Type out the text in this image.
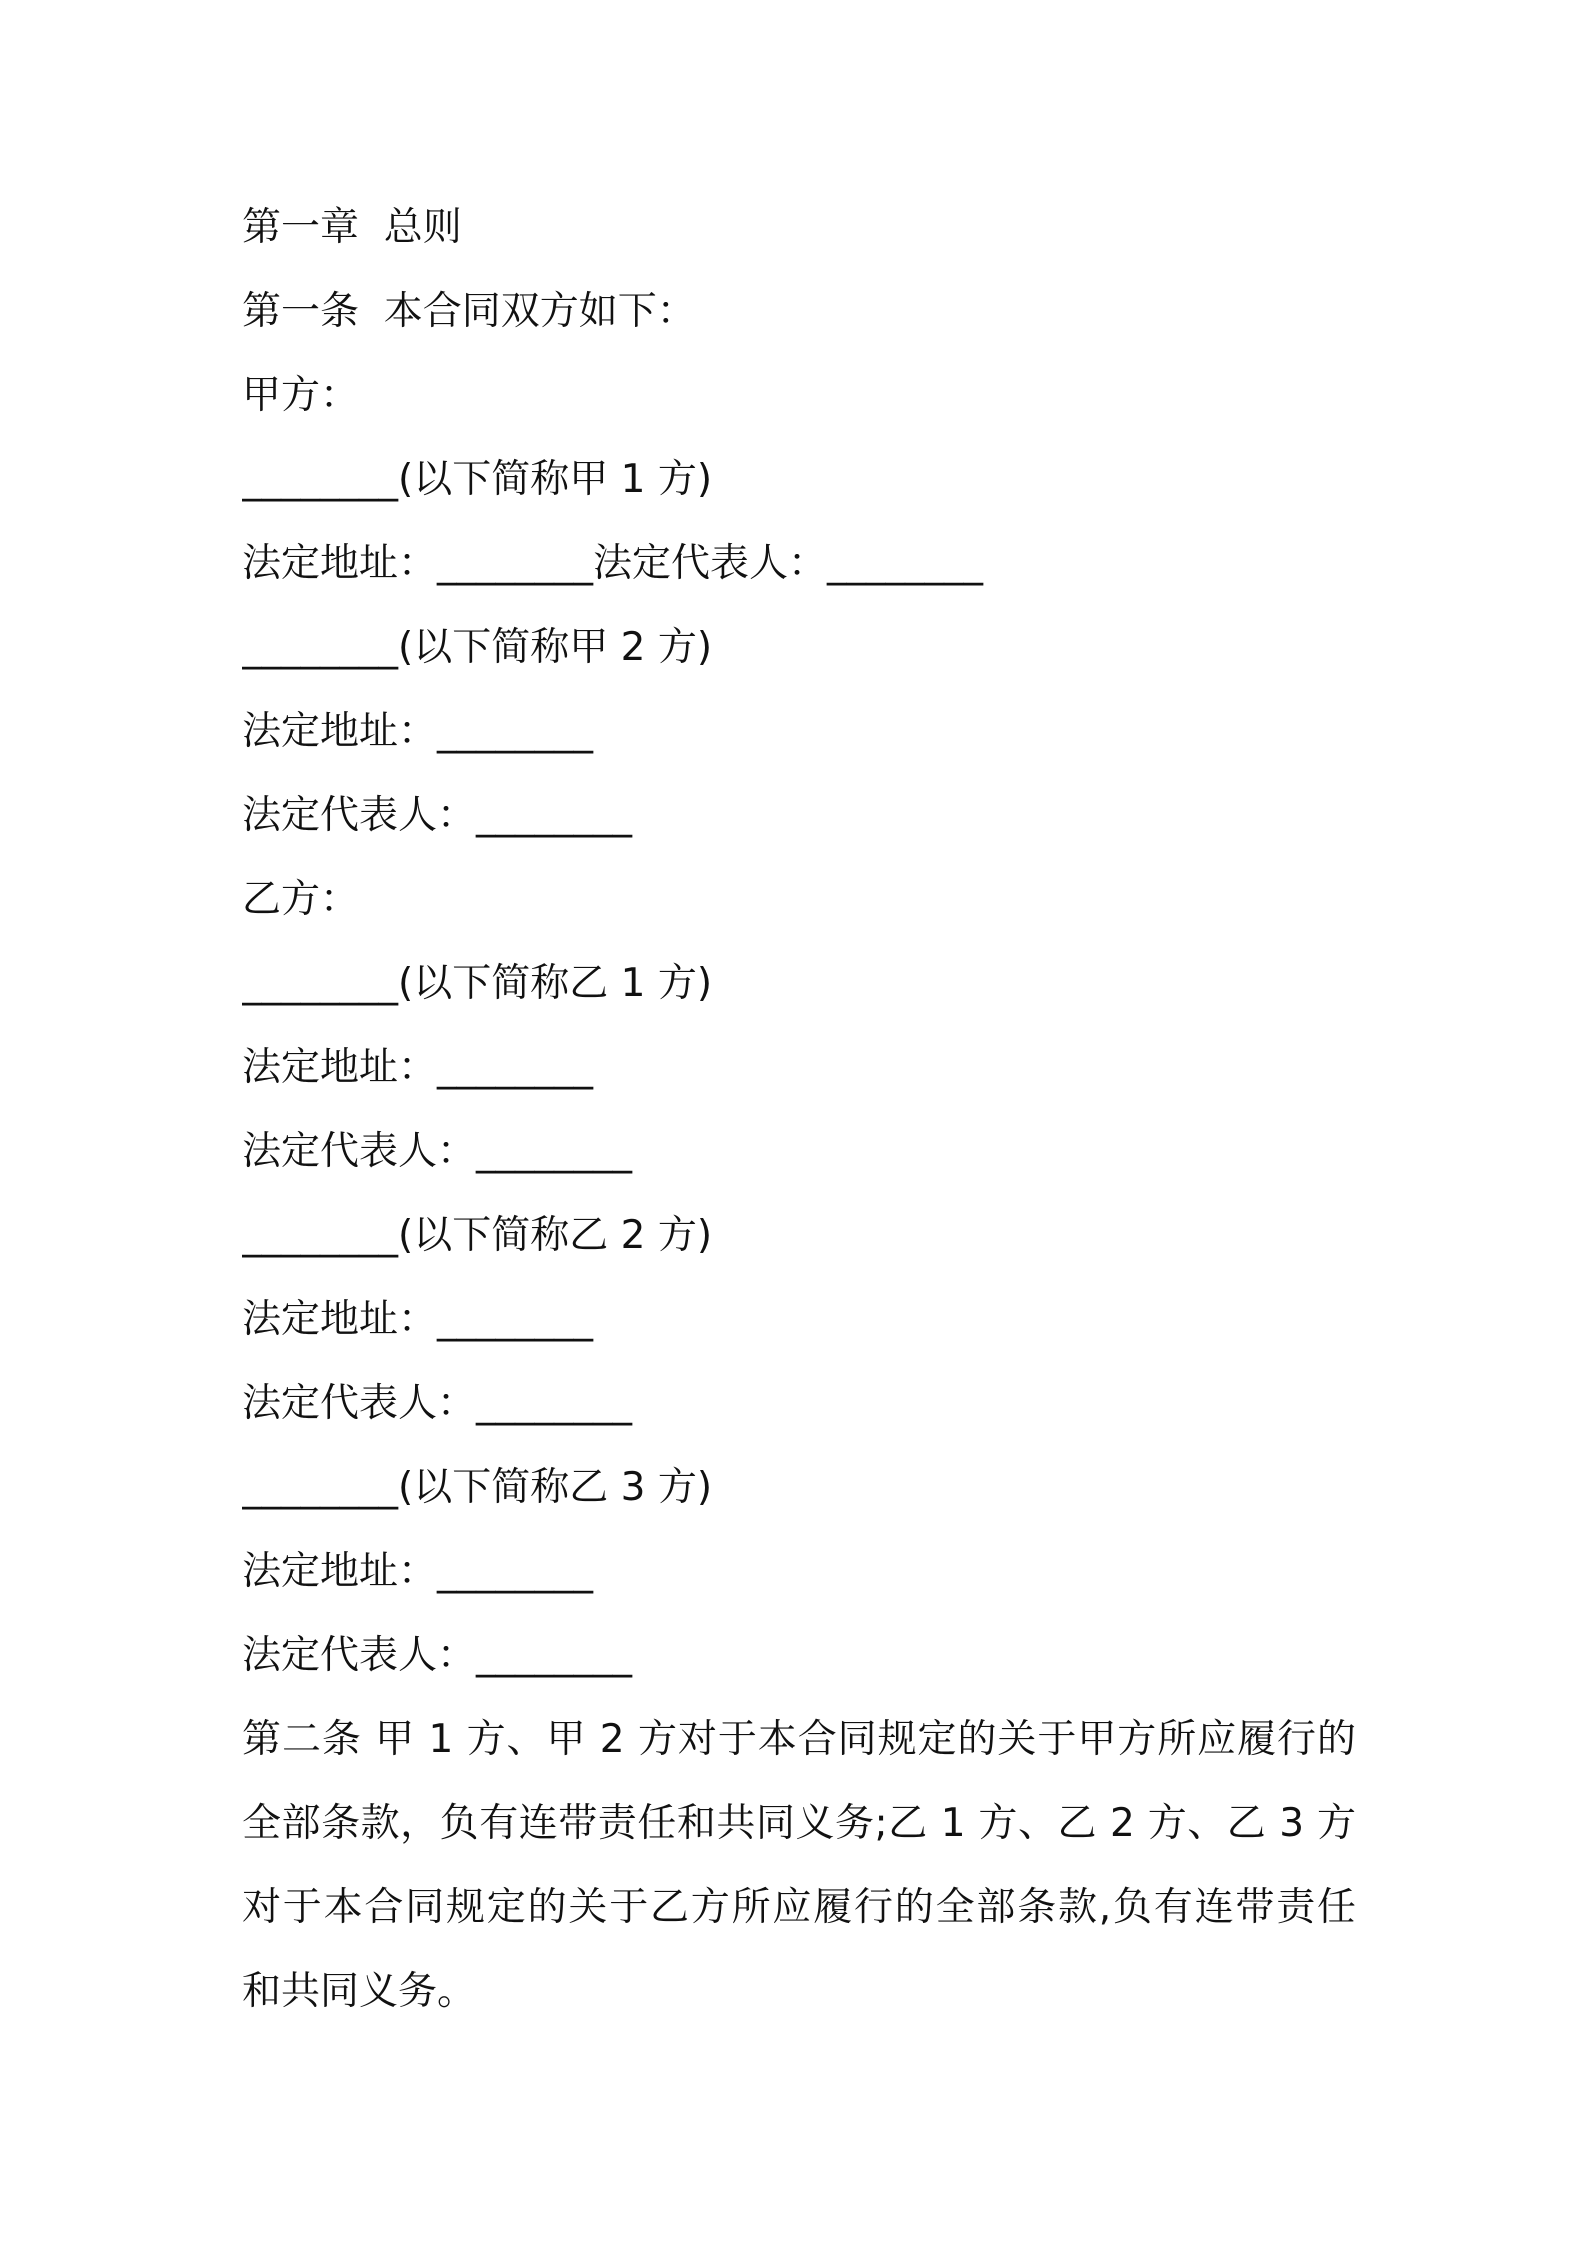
第一章  总则
第一条  本合同双方如下：
甲方：
________(以下简称甲 1 方)
法定地址：________法定代表人：________
________(以下简称甲 2 方)
法定地址：________
法定代表人：________
乙方：
________(以下简称乙 1 方)
法定地址：________
法定代表人：________
________(以下简称乙 2 方)
法定地址：________
法定代表人：________
________(以下简称乙 3 方)
法定地址：________
法定代表人：________
第二条 甲 1 方、甲 2 方对于本合同规定的关于甲方所应履行的
全部条款，负有连带责任和共同义务;乙 1 方、乙 2 方、乙 3 方
对于本合同规定的关于乙方所应履行的全部条款,负有连带责任
和共同义务。
